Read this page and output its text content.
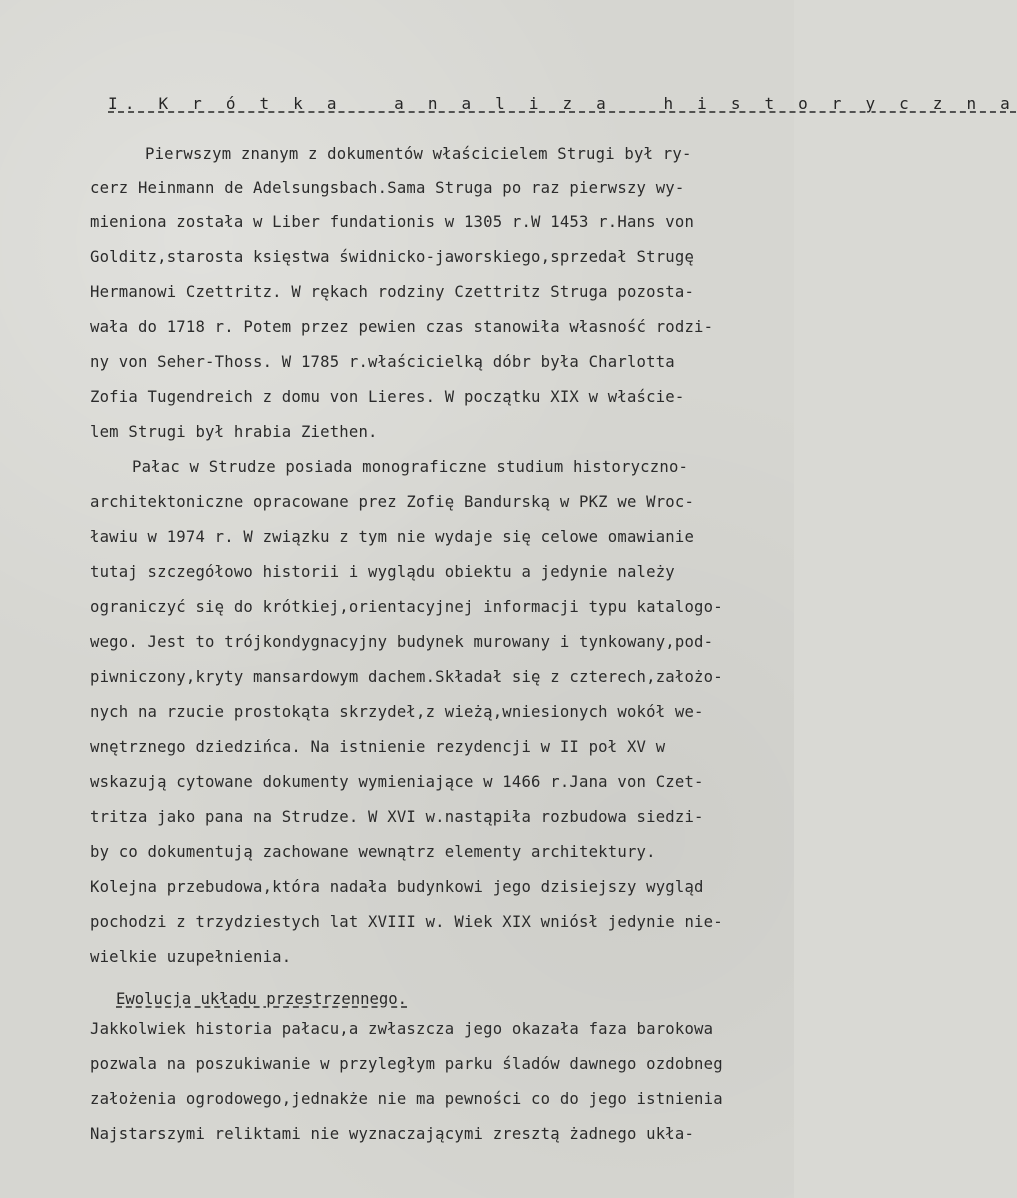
I. K r ó t k a   a n a l i z a   h i s t o r y c z n a
Pierwszym znanym z dokumentów właścicielem Strugi był ry-
cerz Heinmann de Adelsungsbach.Sama Struga po raz pierwszy wy-
mieniona została w Liber fundationis w 1305 r.W 1453 r.Hans von
Golditz,starosta księstwa świdnicko-jaworskiego,sprzedał Strugę
Hermanowi Czettritz. W rękach rodziny Czettritz Struga pozosta-
wała do 1718 r. Potem przez pewien czas stanowiła własność rodzi-
ny von Seher-Thoss. W 1785 r.właścicielką dóbr była Charlotta
Zofia Tugendreich z domu von Lieres. W początku XIX w właście-
lem Strugi był hrabia Ziethen.
Pałac w Strudze posiada monograficzne studium historyczno-
architektoniczne opracowane prez Zofię Bandurską w PKZ we Wroc-
ławiu w 1974 r. W związku z tym nie wydaje się celowe omawianie
tutaj szczegółowo historii i wyglądu obiektu a jedynie należy
ograniczyć się do krótkiej,orientacyjnej informacji typu katalogo-
wego. Jest to trójkondygnacyjny budynek murowany i tynkowany,pod-
piwniczony,kryty mansardowym dachem.Składał się z czterech,założo-
nych na rzucie prostokąta skrzydeł,z wieżą,wniesionych wokół we-
wnętrznego dziedzińca. Na istnienie rezydencji w II poł XV w
wskazują cytowane dokumenty wymieniające w 1466 r.Jana von Czet-
tritza jako pana na Strudze. W XVI w.nastąpiła rozbudowa siedzi-
by co dokumentują zachowane wewnątrz elementy architektury.
Kolejna przebudowa,która nadała budynkowi jego dzisiejszy wygląd
pochodzi z trzydziestych lat XVIII w. Wiek XIX wniósł jedynie nie-
wielkie uzupełnienia.
Ewolucja układu przestrzennego.
Jakkolwiek historia pałacu,a zwłaszcza jego okazała faza barokowa
pozwala na poszukiwanie w przyległym parku śladów dawnego ozdobneg
założenia ogrodowego,jednakże nie ma pewności co do jego istnienia
Najstarszymi reliktami nie wyznaczającymi zresztą żadnego ukła-
